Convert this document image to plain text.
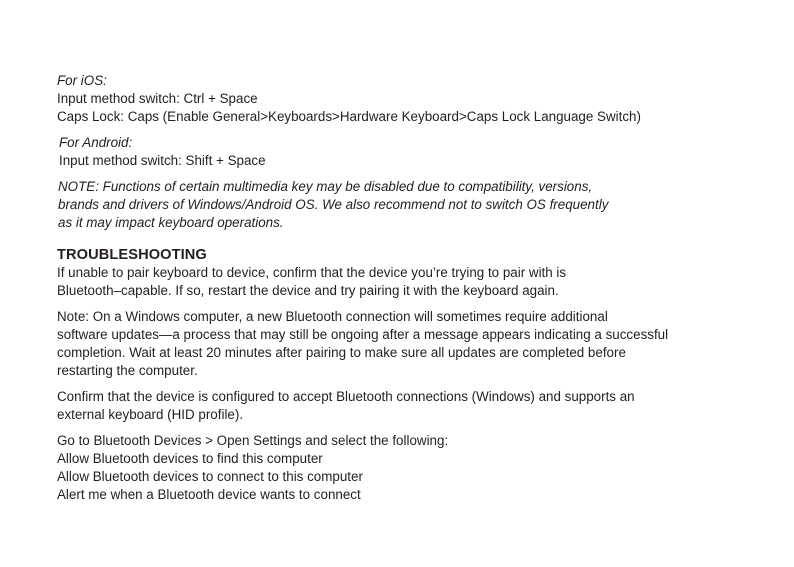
For iOS:
Input method switch: Ctrl + Space
Caps Lock: Caps (Enable General>Keyboards>Hardware Keyboard>Caps Lock Language Switch)
For Android:
Input method switch: Shift + Space
NOTE: Functions of certain multimedia key may be disabled due to compatibility, versions,
brands and drivers of Windows/Android OS. We also recommend not to switch OS frequently
as it may impact keyboard operations.
TROUBLESHOOTING
If unable to pair keyboard to device, confirm that the device you’re trying to pair with is
Bluetooth–capable. If so, restart the device and try pairing it with the keyboard again.
Note: On a Windows computer, a new Bluetooth connection will sometimes require additional
software updates—a process that may still be ongoing after a message appears indicating a successful
completion. Wait at least 20 minutes after pairing to make sure all updates are completed before
restarting the computer.
Confirm that the device is configured to accept Bluetooth connections (Windows) and supports an
external keyboard (HID profile).
Go to Bluetooth Devices > Open Settings and select the following:
Allow Bluetooth devices to find this computer
Allow Bluetooth devices to connect to this computer
Alert me when a Bluetooth device wants to connect
